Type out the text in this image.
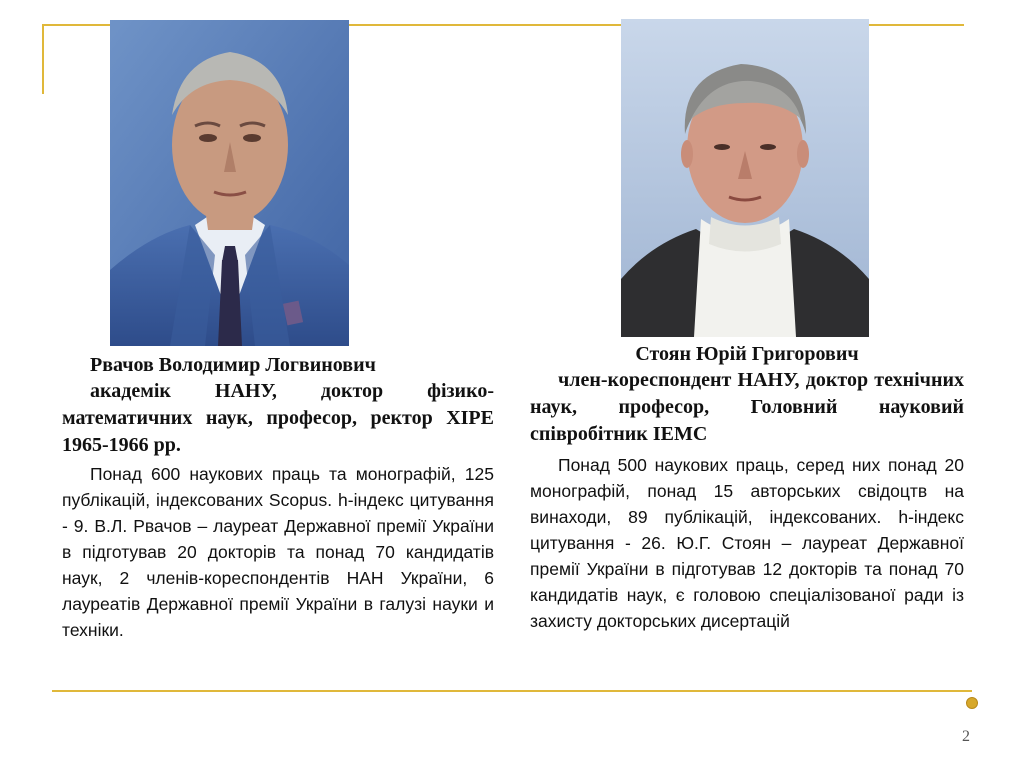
Рвачов Володимир Логвинович

академік НАНУ, доктор фізико-математичних наук, професор, ректор ХІРЕ 1965-1966 рр.

Понад 600 наукових праць та монографій, 125 публікацій, індексованих Scopus. h-індекс цитування - 9. В.Л. Рвачов – лауреат Державної премії України в підготував 20 докторів та понад 70 кандидатів наук, 2 членів-кореспондентів НАН України, 6 лауреатів Державної премії України в галузі науки и техніки.

Стоян Юрій Григорович

член-кореспондент НАНУ, доктор технічних наук, професор, Головний науковий співробітник ІЕМС

Понад 500 наукових праць, серед них понад 20 монографій, понад 15 авторських свідоцтв на винаходи, 89 публікацій, індексованих. h-індекс цитування - 26. Ю.Г. Стоян – лауреат Державної премії України в підготував 12 докторів та понад 70 кандидатів наук, є головою спеціалізованої ради із захисту докторських дисертацій

2
